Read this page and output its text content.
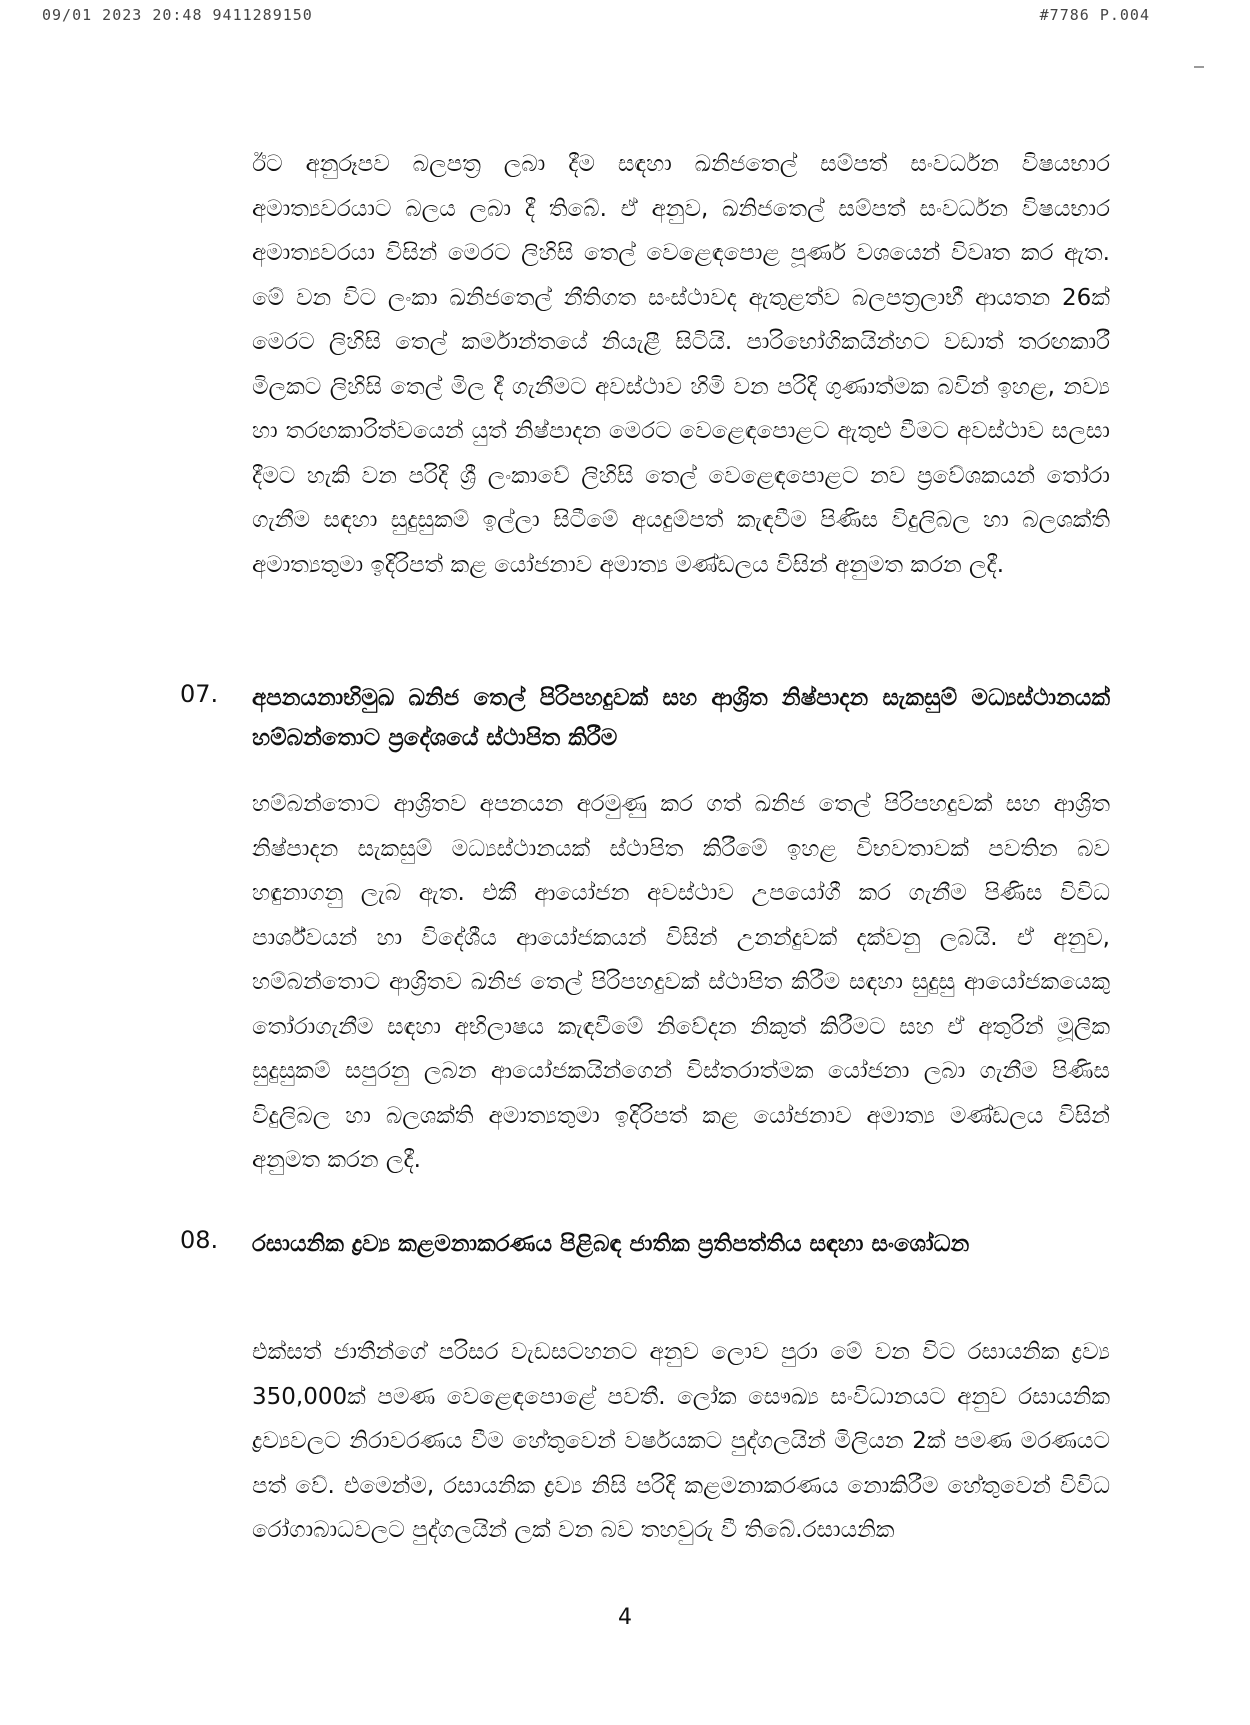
09/01 2023 20:48 9411289150	#7786 P.004

ඊට අනුරූපව බලපත්‍ර ලබා දීම සඳහා ඛනිජතෙල් සම්පත් සංවර්ධන විෂයභාර අමාත්‍යවරයාට බලය ලබා දී තිබේ. ඒ අනුව, ඛනිජතෙල් සම්පත් සංවර්ධන විෂයභාර අමාත්‍යවරයා විසින් මෙරට ලිහිසි තෙල් වෙළෙඳපොළ පූර්ණ වශයෙන් විවෘත කර ඇත. මේ වන විට ලංකා ඛනිජතෙල් නීතිගත සංස්ථාවද ඇතුළත්ව බලපත්‍රලාභී ආයතන 26ක් මෙරට ලිහිසි තෙල් කර්මාන්තයේ නියැළී සිටියි. පාරිභෝගිකයින්හට වඩාත් තරඟකාරී මිලකට ලිහිසි තෙල් මිල දී ගැනීමට අවස්ථාව හිමි වන පරිදි ගුණාත්මක බවින් ඉහළ, නව්‍ය හා තරඟකාරිත්වයෙන් යුත් නිෂ්පාදන මෙරට වෙළෙඳපොළට ඇතුළු වීමට අවස්ථාව සලසා දීමට හැකි වන පරිදි ශ්‍රී ලංකාවේ ලිහිසි තෙල් වෙළෙඳපොළට නව ප්‍රවේශකයන් තෝරා ගැනීම සඳහා සුදුසුකම් ඉල්ලා සිටීමේ අයදුම්පත් කැඳවීම පිණිස විදුලිබල හා බලශක්ති අමාත්‍යතුමා ඉදිරිපත් කළ යෝජනාව අමාත්‍ය මණ්ඩලය විසින් අනුමත කරන ලදී.

07. අපනයනාභිමුඛ ඛනිජ තෙල් පිරිපහදුවක් සහ ආශ්‍රිත නිෂ්පාදන සැකසුම් මධ්‍යස්ථානයක් හම්බන්තොට ප්‍රදේශයේ ස්ථාපිත කිරීම

හම්බන්තොට ආශ්‍රිතව අපනයන අරමුණු කර ගත් ඛනිජ තෙල් පිරිපහදුවක් සහ ආශ්‍රිත නිෂ්පාදන සැකසුම් මධ්‍යස්ථානයක් ස්ථාපිත කිරීමේ ඉහළ විභවතාවක් පවතින බව හඳුනාගනු ලැබ ඇත. එකී ආයෝජන අවස්ථාව උපයෝගී කර ගැනීම පිණිස විවිධ පාර්ශ්වයන් හා විදේශීය ආයෝජකයන් විසින් උනන්දුවක් දක්වනු ලබයි. ඒ අනුව, හම්බන්තොට ආශ්‍රිතව ඛනිජ තෙල් පිරිපහදුවක් ස්ථාපිත කිරීම සඳහා සුදුසු ආයෝජකයෙකු තෝරාගැනීම සඳහා අභිලාෂය කැඳවීමේ නිවේදන නිකුත් කිරීමට සහ ඒ අතුරින් මූලික සුදුසුකම් සපුරනු ලබන ආයෝජකයින්ගෙන් විස්තරාත්මක යෝජනා ලබා ගැනීම පිණිස විදුලිබල හා බලශක්ති අමාත්‍යතුමා ඉදිරිපත් කළ යෝජනාව අමාත්‍ය මණ්ඩලය විසින් අනුමත කරන ලදී.

08. රසායනික ද්‍රව්‍ය කළමනාකරණය පිළිබඳ ජාතික ප්‍රතිපත්තිය සඳහා සංශෝධන

එක්සත් ජාතීන්ගේ පරිසර වැඩසටහනට අනුව ලොව පුරා මේ වන විට රසායනික ද්‍රව්‍ය 350,000ක් පමණ වෙළෙඳපොළේ පවතී. ලෝක සෞඛ්‍ය සංවිධානයට අනුව රසායනික ද්‍රව්‍යවලට නිරාවරණය වීම හේතුවෙන් වර්ෂයකට පුද්ගලයින් මිලියන 2ක් පමණ මරණයට පත් වේ. එමෙන්ම, රසායනික ද්‍රව්‍ය නිසි පරිදි කළමනාකරණය නොකිරීම හේතුවෙන් විවිධ රෝගාබාධවලට පුද්ගලයින් ලක් වන බව තහවුරු වී තිබේ.රසායනික

4
